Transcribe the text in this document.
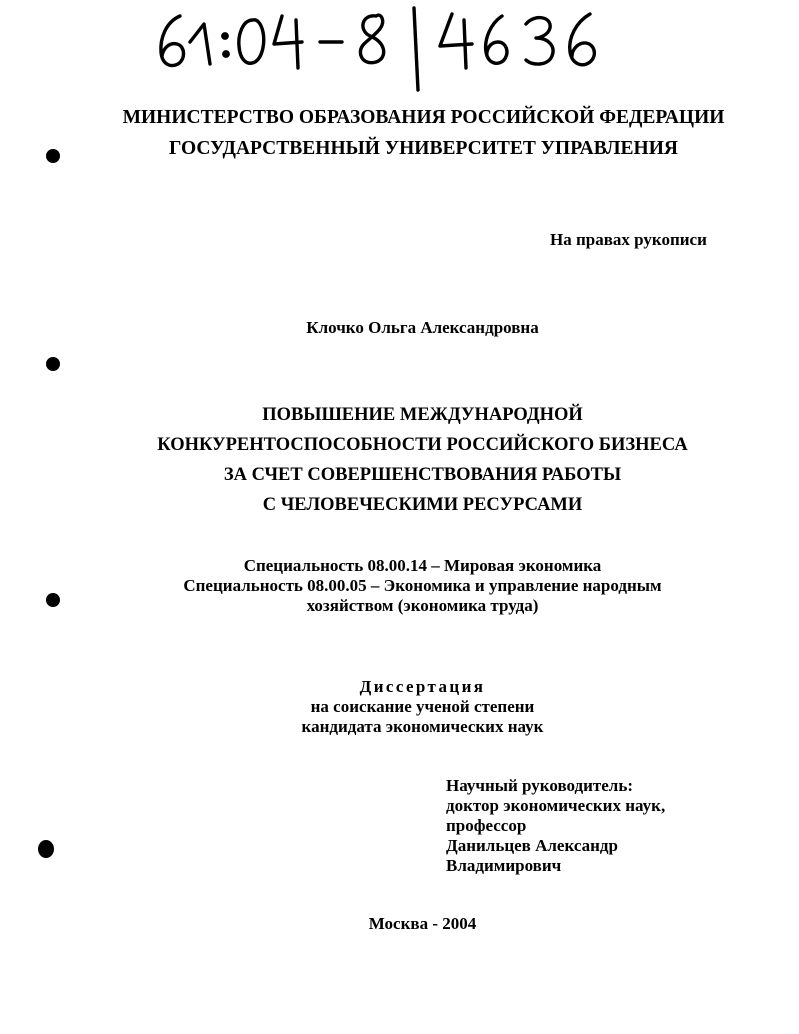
МИНИСТЕРСТВО ОБРАЗОВАНИЯ РОССИЙСКОЙ ФЕДЕРАЦИИ
ГОСУДАРСТВЕННЫЙ УНИВЕРСИТЕТ УПРАВЛЕНИЯ
На правах рукописи
Клочко Ольга Александровна
ПОВЫШЕНИЕ МЕЖДУНАРОДНОЙ
КОНКУРЕНТОСПОСОБНОСТИ РОССИЙСКОГО БИЗНЕСА
ЗА СЧЕТ СОВЕРШЕНСТВОВАНИЯ РАБОТЫ
С ЧЕЛОВЕЧЕСКИМИ РЕСУРСАМИ
Специальность 08.00.14 – Мировая экономика
Специальность 08.00.05 – Экономика и управление народным
хозяйством (экономика труда)
Диссертация
на соискание ученой степени
кандидата экономических наук
Научный руководитель:
доктор экономических наук,
профессор
Данильцев Александр
Владимирович
Москва - 2004
